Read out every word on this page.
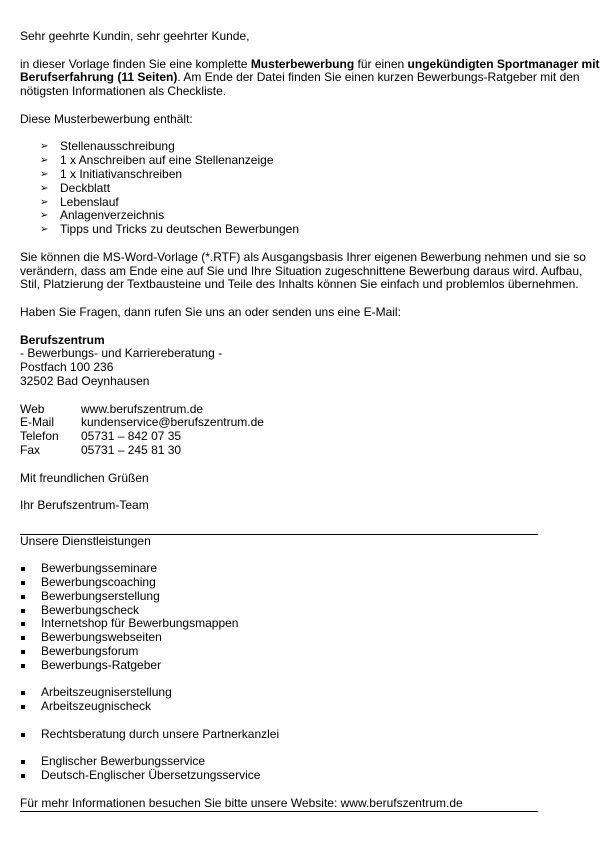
Sehr geehrte Kundin, sehr geehrter Kunde,

in dieser Vorlage finden Sie eine komplette Musterbewerbung für einen ungekündigten Sportmanager mit Berufserfahrung (11 Seiten). Am Ende der Datei finden Sie einen kurzen Bewerbungs-Ratgeber mit den nötigsten Informationen als Checkliste.

Diese Musterbewerbung enthält:

➢ Stellenausschreibung
➢ 1 x Anschreiben auf eine Stellenanzeige
➢ 1 x Initiativanschreiben
➢ Deckblatt
➢ Lebenslauf
➢ Anlagenverzeichnis
➢ Tipps und Tricks zu deutschen Bewerbungen

Sie können die MS-Word-Vorlage (*.RTF) als Ausgangsbasis Ihrer eigenen Bewerbung nehmen und sie so verändern, dass am Ende eine auf Sie und Ihre Situation zugeschnittene Bewerbung daraus wird. Aufbau, Stil, Platzierung der Textbausteine und Teile des Inhalts können Sie einfach und problemlos übernehmen.

Haben Sie Fragen, dann rufen Sie uns an oder senden uns eine E-Mail:

Berufszentrum

- Bewerbungs- und Karriereberatung -

Postfach 100 236

32502 Bad Oeynhausen

Web	www.berufszentrum.de
E-Mail	kundenservice@berufszentrum.de
Telefon	05731 – 842 07 35
Fax	05731 – 245 81 30

Mit freundlichen Grüßen

Ihr Berufszentrum-Team

Unsere Dienstleistungen

Bewerbungsseminare
Bewerbungscoaching
Bewerbungserstellung
Bewerbungscheck
Internetshop für Bewerbungsmappen
Bewerbungswebseiten
Bewerbungsforum
Bewerbungs-Ratgeber
Arbeitszeugniserstellung
Arbeitszeugnischeck
Rechtsberatung durch unsere Partnerkanzlei
Englischer Bewerbungsservice
Deutsch-Englischer Übersetzungsservice

Für mehr Informationen besuchen Sie bitte unsere Website: www.berufszentrum.de
